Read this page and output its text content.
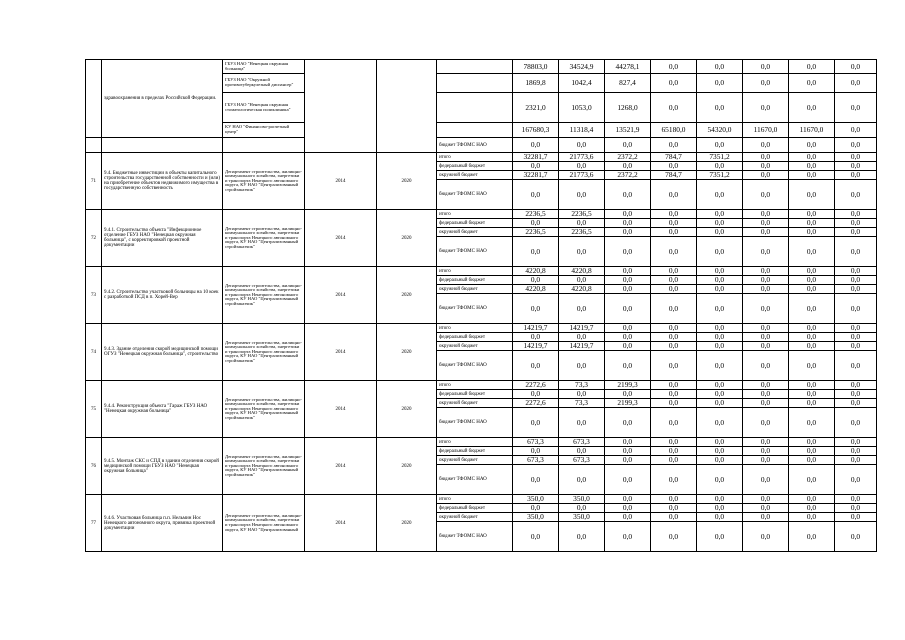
	здравоохранения в пределах Российской Федерации.	ГБУЗ НАО "Ненецкая окружная больница"				78803,0	34524,9	44278,1	0,0	0,0	0,0	0,0	0,0
		ГБУЗ НАО "Окружной противотуберкулезный диспансер"				1869,8	1042,4	827,4	0,0	0,0	0,0	0,0	0,0
		ГБУЗ НАО "Ненецкая окружная стоматологическая поликлиника"				2321,0	1053,0	1268,0	0,0	0,0	0,0	0,0	0,0
		КУ НАО "Финансово-расчетный центр"				167680,3	11318,4	13521,9	65180,0	54320,0	11670,0	11670,0	0,0
					бюджет ТФОМС НАО	0,0	0,0	0,0	0,0	0,0	0,0	0,0	0,0
71	9.4. Бюджетные инвестиции в объекты капитального строительства государственной собственности и (или) на приобретение объектов недвижимого имущества в государственную собственность	Департамент строительства, жилищно-коммунального хозяйства, энергетики и транспорта Ненецкого автономного округа, КУ НАО "Централизованный стройзаказчик"	2014	2020	итого	32281,7	21773,6	2372,2	784,7	7351,2	0,0	0,0	0,0
					федеральный бюджет	0,0	0,0	0,0	0,0	0,0	0,0	0,0	0,0
					окружной бюджет	32281,7	21773,6	2372,2	784,7	7351,2	0,0	0,0	0,0
					бюджет ТФОМС НАО	0,0	0,0	0,0	0,0	0,0	0,0	0,0	0,0
72	9.4.1. Строительство объекта "Инфекционное отделение ГБУЗ НАО "Ненецкая окружная больница", с корректировкой проектной документации	Департамент строительства, жилищно-коммунального хозяйства, энергетики и транспорта Ненецкого автономного округа, КУ НАО "Централизованный стройзаказчик"	2014	2020	итого	2236,5	2236,5	0,0	0,0	0,0	0,0	0,0	0,0
					федеральный бюджет	0,0	0,0	0,0	0,0	0,0	0,0	0,0	0,0
					окружной бюджет	2236,5	2236,5	0,0	0,0	0,0	0,0	0,0	0,0
					бюджет ТФОМС НАО	0,0	0,0	0,0	0,0	0,0	0,0	0,0	0,0
73	9.4.2. Строительство участковой больницы на 10 коек с разработкой ПСД в п. Хорей-Вер	Департамент строительства, жилищно-коммунального хозяйства, энергетики и транспорта Ненецкого автономного округа, КУ НАО "Централизованный стройзаказчик"	2014	2020	итого	4220,8	4220,8	0,0	0,0	0,0	0,0	0,0	0,0
					федеральный бюджет	0,0	0,0	0,0	0,0	0,0	0,0	0,0	0,0
					окружной бюджет	4220,8	4220,8	0,0	0,0	0,0	0,0	0,0	0,0
					бюджет ТФОМС НАО	0,0	0,0	0,0	0,0	0,0	0,0	0,0	0,0
74	9.4.3. Здание отделения скорой медицинской помощи ОГУЗ "Ненецкая окружная больница", строительство	Департамент строительства, жилищно-коммунального хозяйства, энергетики и транспорта Ненецкого автономного округа, КУ НАО "Централизованный стройзаказчик"	2014	2020	итого	14219,7	14219,7	0,0	0,0	0,0	0,0	0,0	0,0
					федеральный бюджет	0,0	0,0	0,0	0,0	0,0	0,0	0,0	0,0
					окружной бюджет	14219,7	14219,7	0,0	0,0	0,0	0,0	0,0	0,0
					бюджет ТФОМС НАО	0,0	0,0	0,0	0,0	0,0	0,0	0,0	0,0
75	9.4.4. Реконструкция объекта "Гараж ГБУЗ НАО "Ненецкая окружная больница"	Департамент строительства, жилищно-коммунального хозяйства, энергетики и транспорта Ненецкого автономного округа, КУ НАО "Централизованный стройзаказчик"	2014	2020	итого	2272,6	73,3	2199,3	0,0	0,0	0,0	0,0	0,0
					федеральный бюджет	0,0	0,0	0,0	0,0	0,0	0,0	0,0	0,0
					окружной бюджет	2272,6	73,3	2199,3	0,0	0,0	0,0	0,0	0,0
					бюджет ТФОМС НАО	0,0	0,0	0,0	0,0	0,0	0,0	0,0	0,0
76	9.4.5. Монтаж СКС и СПД в здании отделения скорой медицинской помощи ГБУЗ НАО "Ненецкая окружная больница"	Департамент строительства, жилищно-коммунального хозяйства, энергетики и транспорта Ненецкого автономного округа, КУ НАО "Централизованный стройзаказчик"	2014	2020	итого	673,3	673,3	0,0	0,0	0,0	0,0	0,0	0,0
					федеральный бюджет	0,0	0,0	0,0	0,0	0,0	0,0	0,0	0,0
					окружной бюджет	673,3	673,3	0,0	0,0	0,0	0,0	0,0	0,0
					бюджет ТФОМС НАО	0,0	0,0	0,0	0,0	0,0	0,0	0,0	0,0
77	9.4.6. Участковая больница п.п. Нельмин Нос Ненецкого автономного округа, привязка проектной документации	Департамент строительства, жилищно-коммунального хозяйства, энергетики и транспорта Ненецкого автономного округа, КУ НАО "Централизованный	2014	2020	итого	350,0	350,0	0,0	0,0	0,0	0,0	0,0	0,0
					федеральный бюджет	0,0	0,0	0,0	0,0	0,0	0,0	0,0	0,0
					окружной бюджет	350,0	350,0	0,0	0,0	0,0	0,0	0,0	0,0
					бюджет ТФОМС НАО	0,0	0,0	0,0	0,0	0,0	0,0	0,0	0,0
